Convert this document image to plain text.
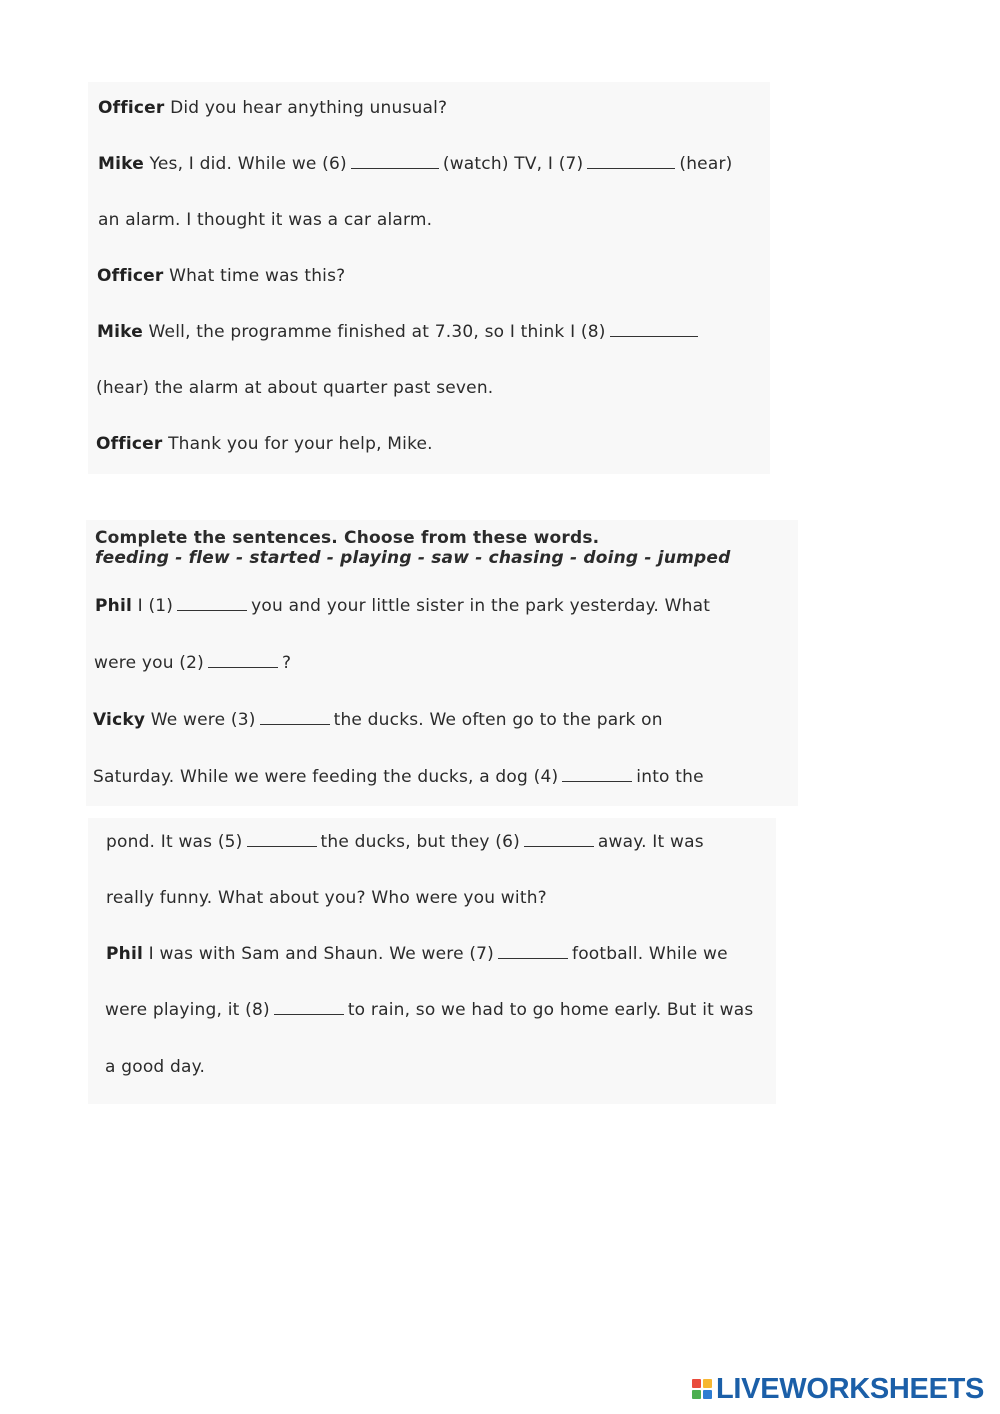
Officer Did you hear anything unusual?
Mike Yes, I did. While we (6)	(watch) TV, I (7)	(hear)
an alarm. I thought it was a car alarm.
Officer What time was this?
Mike Well, the programme finished at 7.30, so I think I (8)
(hear) the alarm at about quarter past seven.
Officer Thank you for your help, Mike.
Complete the sentences. Choose from these words.
feeding - flew - started - playing - saw - chasing - doing - jumped
Phil I (1)	you and your little sister in the park yesterday. What
were you (2)	?
Vicky We were (3)	the ducks. We often go to the park on
Saturday. While we were feeding the ducks, a dog (4)	into the
pond. It was (5)	the ducks, but they (6)	away. It was
really funny. What about you? Who were you with?
Phil I was with Sam and Shaun. We were (7)	football. While we
were playing, it (8)	to rain, so we had to go home early. But it was
a good day.
LIVEWORKSHEETS
